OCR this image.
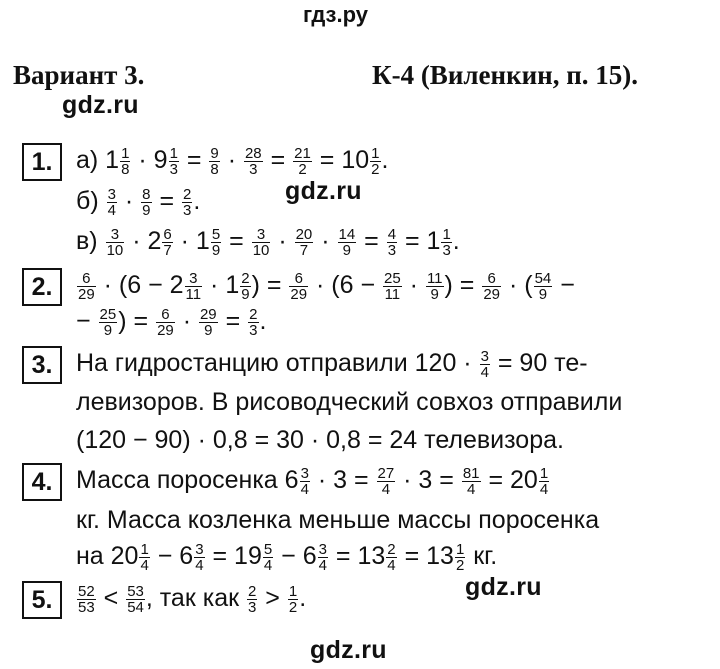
гдз.ру
Вариант 3.	К-4 (Виленкин, п. 15).
gdz.ru
gdz.ru
gdz.ru
gdz.ru
1.
2.
3.
4.
5.
а) $1 \frac{1}{8} \cdot 9 \frac{1}{3} = \frac{9}{8} \cdot \frac{28}{3} = \frac{21}{2} = 10 \frac{1}{2}$ .
$б) \frac{3}{4} \cdot \frac{8}{9} = \frac{2}{3}$ .
$в) \frac{3}{10} \cdot 2 \frac{6}{7} \cdot 1 \frac{5}{9} = \frac{3}{10} \cdot \frac{20}{7} \cdot \frac{14}{9} = \frac{4}{3} = 1 \frac{1}{3}$ .
$\frac{6}{29} \cdot (6 - 2 \frac{3}{11} \cdot 1 \frac{2}{9}$ ) = $\frac{6}{29} \cdot (6 - \frac{25}{11} \cdot \frac{11}{9}$ ) = $\frac{6}{29}$ · ( $\frac{54}{9}$ −
− $\frac{25}{9}$ ) = $\frac{6}{29} \cdot \frac{29}{9} = \frac{2}{3}$ .
На гидростанцию отправили $120 \cdot \frac{3}{4} = 90$ те-
левизоров. В рисоводческий совхоз отправили
(120 − 90) · 0,8 = 30 · 0,8 = 24 телевизора.
Масса поросенка $6 \frac{3}{4} \cdot 3 = \frac{27}{4} \cdot 3 = \frac{81}{4} = 20 \frac{1}{4}$
кг. Масса козленка меньше массы поросенка
на $20 \frac{1}{4} - 6 \frac{3}{4} = 19 \frac{5}{4} - 6 \frac{3}{4} = 13 \frac{2}{4} = 13 \frac{1}{2}$ кг.
$\frac{52}{53} < \frac{53}{54}$ , так как $\frac{2}{3} > \frac{1}{2}$ .
